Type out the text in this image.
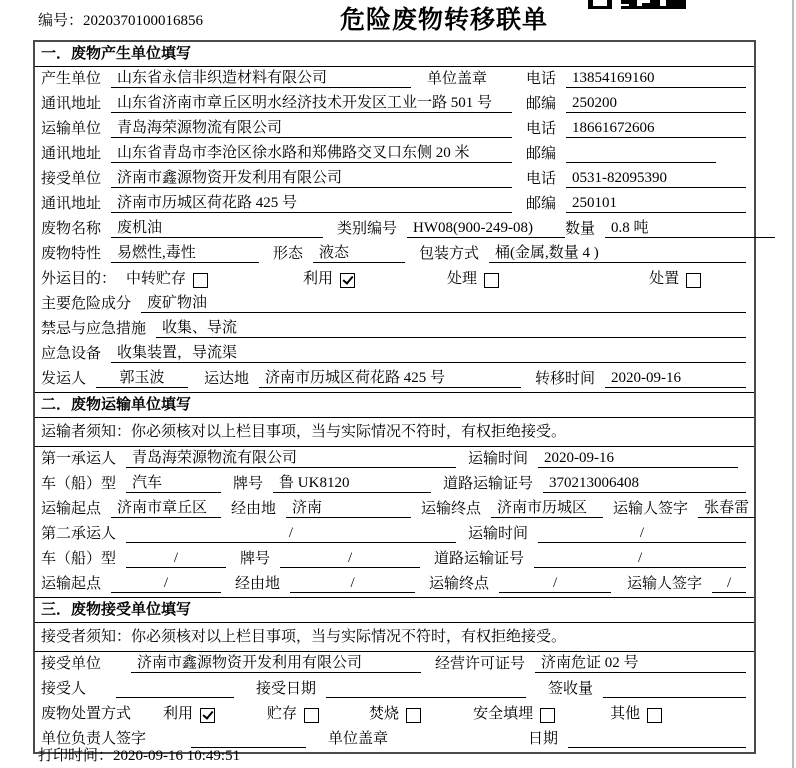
编号：2020370100016856	危险废物转移联单
一．废物产生单位填写
产生单位	山东省永信非织造材料有限公司	单位盖章	电话	13854169160
通讯地址	山东省济南市章丘区明水经济技术开发区工业一路 501 号	邮编	250200
运输单位	青岛海荣源物流有限公司	电话	18661672606
通讯地址	山东省青岛市李沧区徐水路和郑佛路交叉口东侧 20 米	邮编
接受单位	济南市鑫源物资开发利用有限公司	电话	0531-82095390
通讯地址	济南市历城区荷花路 425 号	邮编	250101
废物名称	废机油	类别编号	HW08(900-249-08)	数量	0.8 吨
废物特性	易燃性,毒性	形态	液态	包装方式	桶(金属,数量 4 )
外运目的： 中转贮存	利用	处理	处置
主要危险成分	废矿物油
禁忌与应急措施	收集、导流
应急设备	收集装置，导流渠
发运人	郭玉波	运达地	济南市历城区荷花路 425 号	转移时间	2020-09-16
二．废物运输单位填写
运输者须知：你必须核对以上栏目事项，当与实际情况不符时，有权拒绝接受。
第一承运人	青岛海荣源物流有限公司	运输时间	2020-09-16
车（船）型	汽车	牌号	鲁 UK8120	道路运输证号	370213006408
运输起点	济南市章丘区	经由地	济南	运输终点	济南市历城区	运输人签字	张春雷
第二承运人	/	运输时间	/
车（船）型	/	牌号	/	道路运输证号	/
运输起点	/	经由地	/	运输终点	/	运输人签字	/
三．废物接受单位填写
接受者须知：你必须核对以上栏目事项，当与实际情况不符时，有权拒绝接受。
接受单位	济南市鑫源物资开发利用有限公司	经营许可证号	济南危证 02 号
接受人	接受日期	签收量
废物处置方式 利用	贮存	焚烧	安全填埋	其他
单位负责人签字	单位盖章	日期
打印时间：2020-09-16 10:49:51
